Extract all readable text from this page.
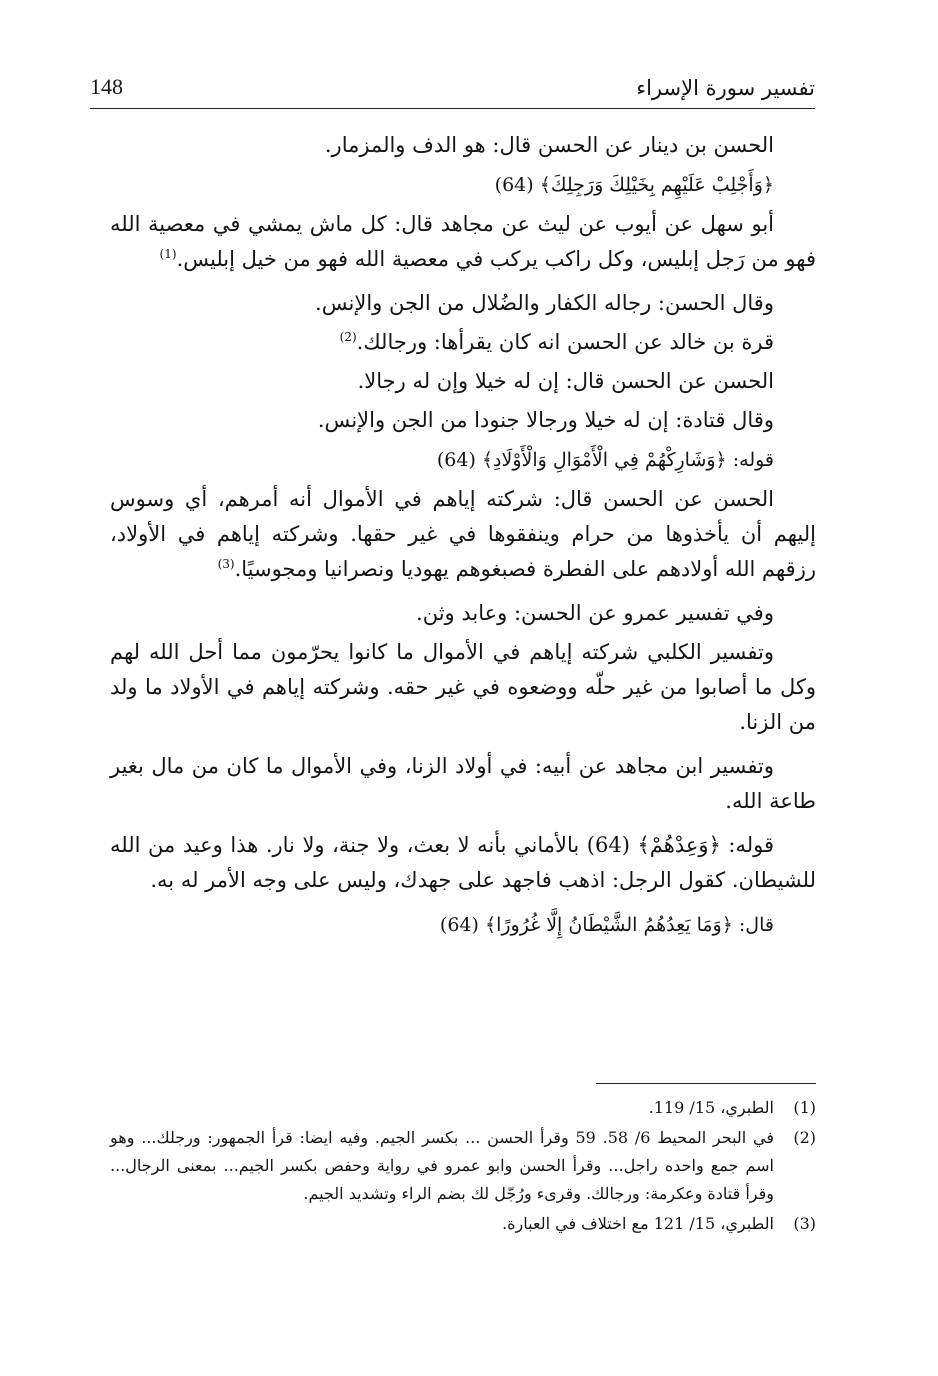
تفسير سورة الإسراء
148

الحسن بن دينار عن الحسن قال: هو الدف والمزمار.

﴿وَأَجْلِبْ عَلَيْهِم بِخَيْلِكَ وَرَجِلِكَ﴾ (64)

أبو سهل عن أيوب عن ليث عن مجاهد قال: كل ماش يمشي في معصية الله فهو من رَجل إبليس، وكل راكب يركب في معصية الله فهو من خيل إبليس.$^{(1)}$

وقال الحسن: رجاله الكفار والضُلال من الجن والإنس.

قرة بن خالد عن الحسن انه كان يقرأها: ورجالك.$^{(2)}$

الحسن عن الحسن قال: إن له خيلا وإن له رجالا.

وقال قتادة: إن له خيلا ورجالا جنودا من الجن والإنس.

قوله: ﴿وَشَارِكْهُمْ فِي الْأَمْوَالِ وَالْأَوْلَادِ﴾ (64)

الحسن عن الحسن قال: شركته إياهم في الأموال أنه أمرهم، أي وسوس إليهم أن يأخذوها من حرام وينفقوها في غير حقها. وشركته إياهم في الأولاد، رزقهم الله أولادهم على الفطرة فصبغوهم يهوديا ونصرانيا ومجوسيًا.$^{(3)}$

وفي تفسير عمرو عن الحسن: وعابد وثن.

وتفسير الكلبي شركته إياهم في الأموال ما كانوا يحرّمون مما أحل الله لهم وكل ما أصابوا من غير حلّه ووضعوه في غير حقه. وشركته إياهم في الأولاد ما ولد من الزنا.

وتفسير ابن مجاهد عن أبيه: في أولاد الزنا، وفي الأموال ما كان من مال بغير طاعة الله.

قوله: ﴿وَعِدْهُمْ﴾ (64) بالأماني بأنه لا بعث، ولا جنة، ولا نار. هذا وعيد من الله للشيطان. كقول الرجل: اذهب فاجهد على جهدك، وليس على وجه الأمر له به.

قال: ﴿وَمَا يَعِدُهُمُ الشَّيْطَانُ إِلَّا غُرُورًا﴾ (64)

(1)
الطبري، 15/ 119.
(2)
في البحر المحيط 6/ 58. 59 وقرأ الحسن ... بكسر الجيم. وفيه ايضا: قرأ الجمهور: ورجلك... وهو اسم جمع واحده راجل... وقرأ الحسن وابو عمرو في رواية وحفص بكسر الجيم... بمعنى الرجال... وقرأ قتادة وعكرمة: ورجالك. وقرىء ورُجّل لك بضم الراء وتشديد الجيم.
(3)
الطبري، 15/ 121 مع اختلاف في العبارة.
